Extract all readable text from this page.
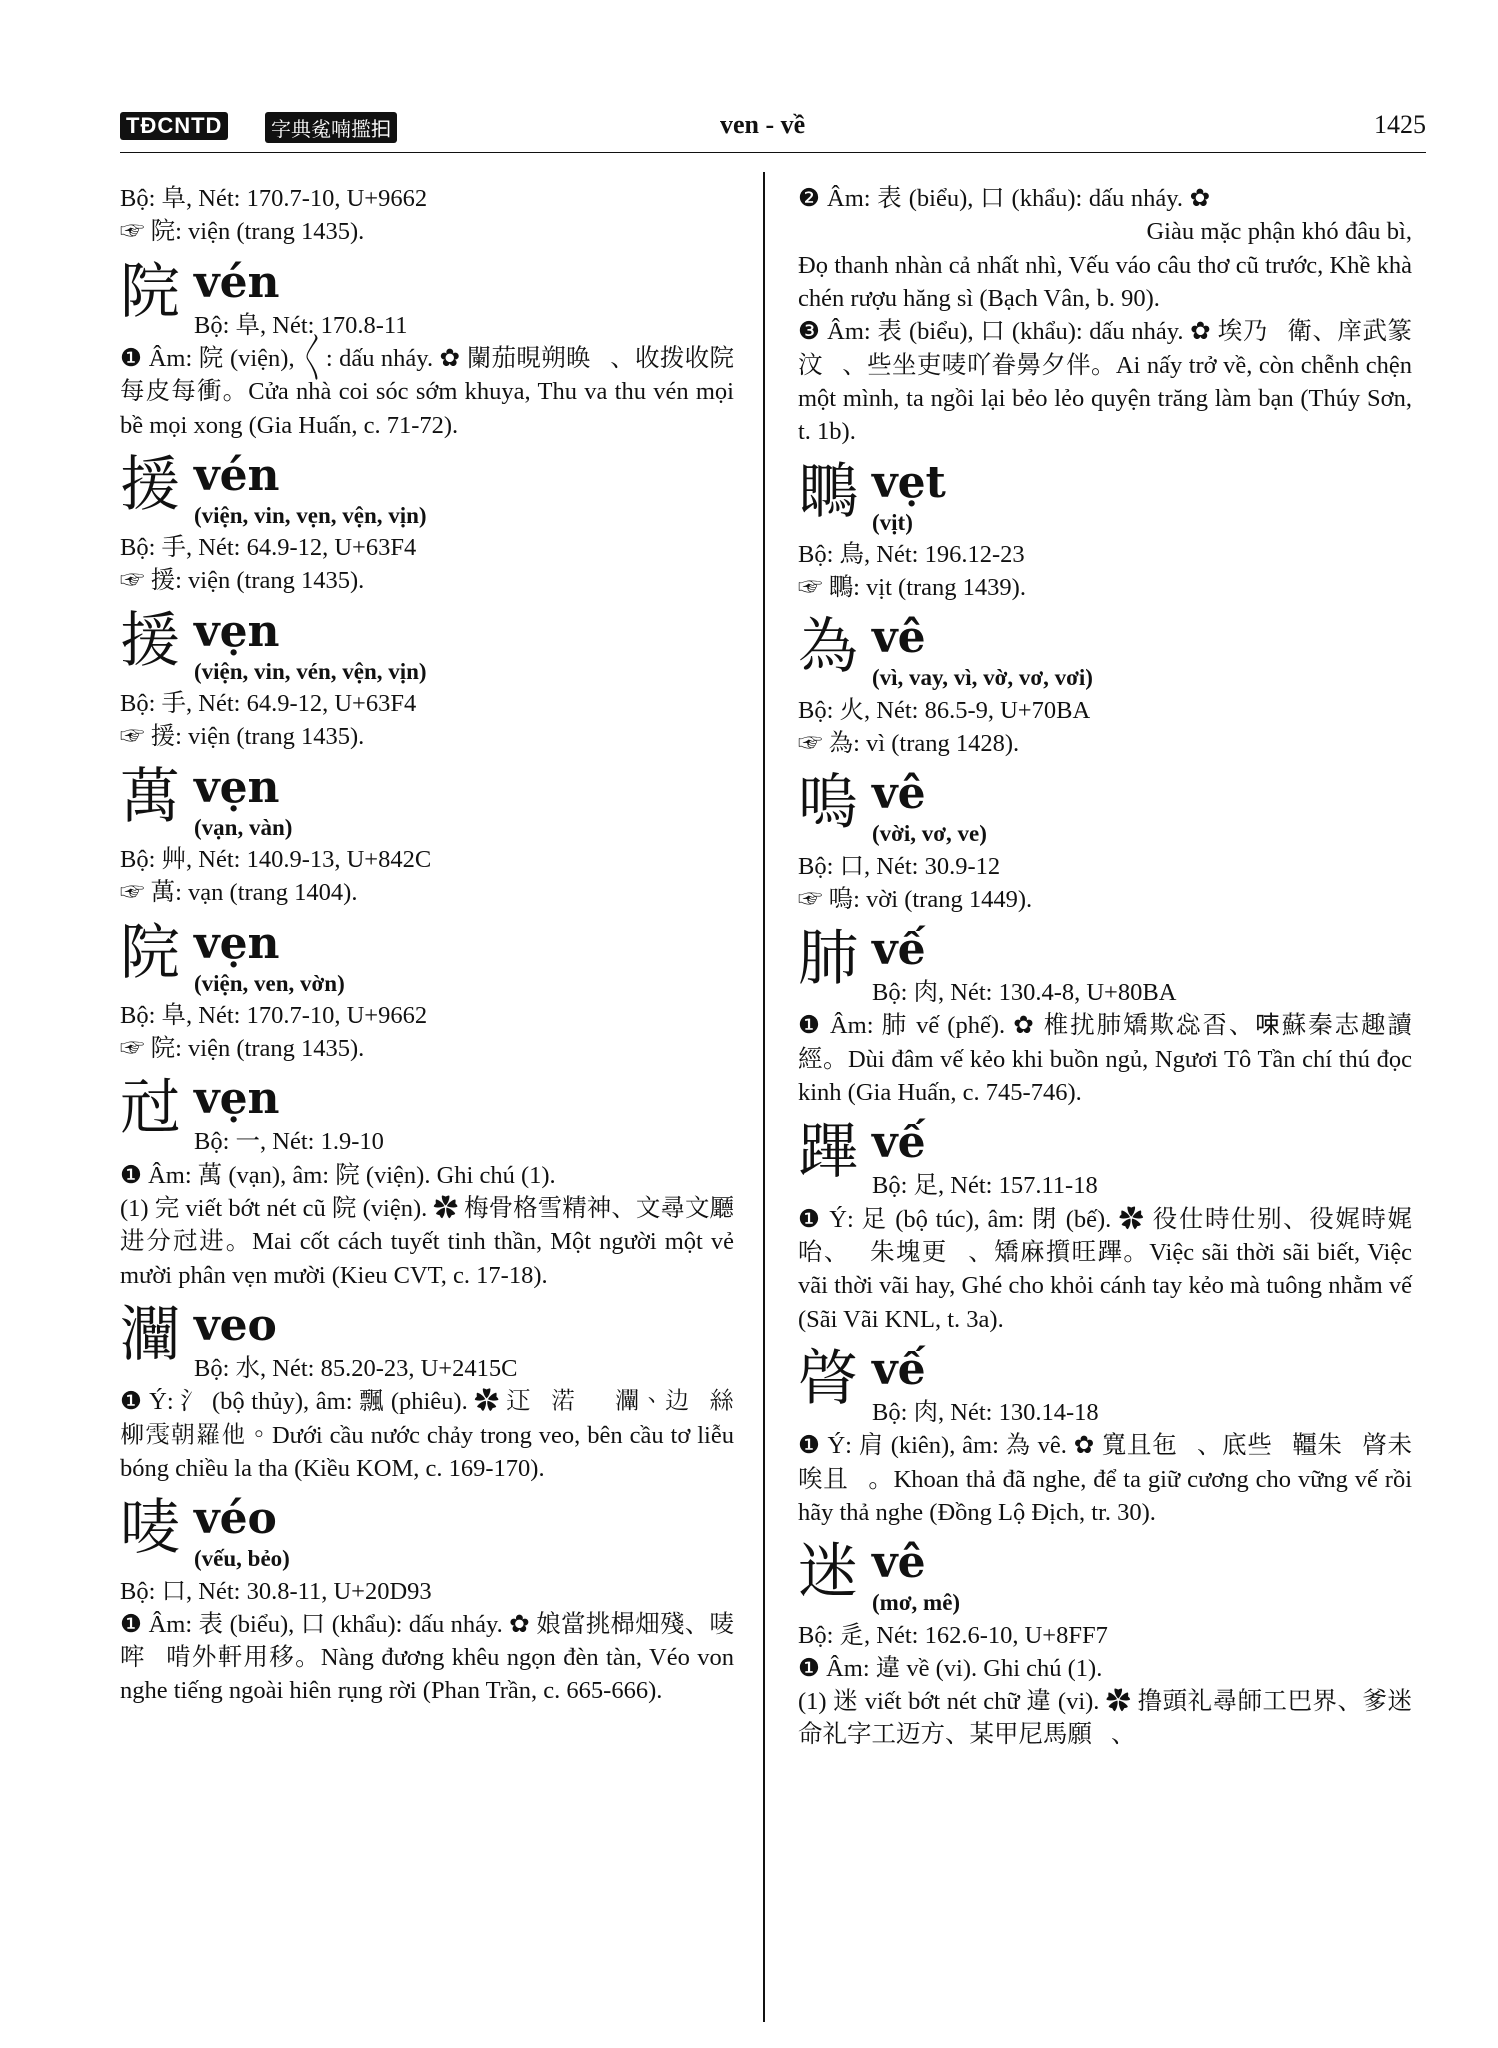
TĐCNTD	字典㝹喃㩜𢪏	ven - về	1425

Bộ: 阜, Nét: 170.7-10, U+9662

☞ 院: viện (trang 1435).

院 vén
Bộ: 阜, Nét: 170.8-11

❶ Âm: 院 (viện), 〱: dấu nháy. ✿ 闌茄晛朔㬇𣋚、收拨收院每皮每衝。Cửa nhà coi sóc sớm khuya, Thu va thu vén mọi bề mọi xong (Gia Huấn, c. 71-72).

援 vén
(viện, vin, vẹn, vện, vịn)

Bộ: 手, Nét: 64.9-12, U+63F4

☞ 援: viện (trang 1435).

援 vẹn
(viện, vin, vén, vện, vịn)

Bộ: 手, Nét: 64.9-12, U+63F4

☞ 援: viện (trang 1435).

萬 vẹn
(vạn, vàn)

Bộ: 艸, Nét: 140.9-13, U+842C

☞ 萬: vạn (trang 1404).

院 vẹn
(viện, ven, vờn)

Bộ: 阜, Nét: 170.7-10, U+9662

☞ 院: viện (trang 1435).

㝴 vẹn
Bộ: 一, Nét: 1.9-10

❶ Âm: 萬 (vạn), âm: 院 (viện). Ghi chú (1).

(1) 完 viết bớt nét cũ 院 (viện). ✿ 梅骨格雪精神、文尋文㕔进分㝴进。Mai cốt cách tuyết tinh thần, Một người một vẻ mười phân vẹn mười (Kieu CVT, c. 17-18).

灛 veo
Bộ: 水, Nét: 85.20-23, U+2415C

❶ Ý: 氵 (bộ thủy), âm: 飄 (phiêu). ✿ 𨑜𣘃渃𣵶𤀗灛、边𣘃絲柳𩂟朝羅他。Dưới cầu nước chảy trong veo, bên cầu tơ liễu bóng chiều la tha (Kiều KOM, c. 169-170).

唛 véo
(vếu, bẻo)

Bộ: 口, Nét: 30.8-11, U+20D93

❶ Âm: 表 (biểu), 口 (khẩu): dấu nháy. ✿ 娘當挑㭿畑殘、唛哰𤴬啃外軒用移。Nàng đương khêu ngọn đèn tàn, Véo von nghe tiếng ngoài hiên rụng rời (Phan Trần, c. 665-666).

❷ Âm: 表 (biểu), 口 (khẩu): dấu nháy. ✿ 𢀭㸋分𢄂𢏑皮、度清閒𠳨一二、唛𡂳句詩𨀈斫、唏呵𢧚醧興㖡。Giàu mặc phận khó đâu bì, Đọ thanh nhàn cả nhất nhì, Vếu váo câu thơ cũ trước, Khề khà chén rượu hăng sì (Bạch Vân, b. 90).

❸ Âm: 表 (biểu), 口 (khẩu): dấu nháy. ✿ 埃乃𧿨衛、庠武篆汶𠅎、些坐吏唛吖眷㬅夕伴。Ai nấy trở về, còn chễnh chện một mình, ta ngồi lại bẻo lẻo quyện trăng làm bạn (Thúy Sơn, t. 1b).

䳭 vẹt
(vịt)

Bộ: 鳥, Nét: 196.12-23

☞ 䳭: vịt (trang 1439).

為 vê
(vì, vay, vì, vờ, vơ, vơi)

Bộ: 火, Nét: 86.5-9, U+70BA

☞ 為: vì (trang 1428).

嗚 vê
(vời, vơ, ve)

Bộ: 口, Nét: 30.9-12

☞ 嗚: vời (trang 1449).

肺 vế
Bộ: 肉, Nét: 130.4-8, U+80BA

❶ Âm: 肺 vế (phế). ✿ 椎扰肺矯欺惢㫘、𠲿蘇秦志趣讀經。Dùi đâm vế kẻo khi buồn ngủ, Ngươi Tô Tần chí thú đọc kinh (Gia Huấn, c. 745-746).

蹕 vế
Bộ: 足, Nét: 157.11-18

❶ Ý: 足 (bộ túc), âm: 閉 (bế). ✿ 役仕時仕别、役娓時娓咍、𠸗朱塊更𦑃、矯麻㩫旺蹕。Việc sãi thời sãi biết, Việc vãi thời vãi hay, Ghé cho khỏi cánh tay kẻo mà tuông nhằm vế (Sãi Vãi KNL, t. 3a).

䏿 vế
Bộ: 肉, Nét: 130.14-18

❶ Ý: 肩 (kiên), âm: 為 vê. ✿ 寬且㐌𤴬、底些𦣰韁朱𡥵䏿未唉且𤴬。Khoan thả đã nghe, để ta giữ cương cho vững vế rồi hãy thả nghe (Đồng Lộ Địch, tr. 30).

迷 vê
(mơ, mê)

Bộ: 辵, Nét: 162.6-10, U+8FF7

❶ Âm: 違 về (vi). Ghi chú (1).

(1) 迷 viết bớt nét chữ 違 (vi). ✿ 撸頭礼尋師工巴界、爹迷命礼字工迈方、某甲尼馬願𠳨、
